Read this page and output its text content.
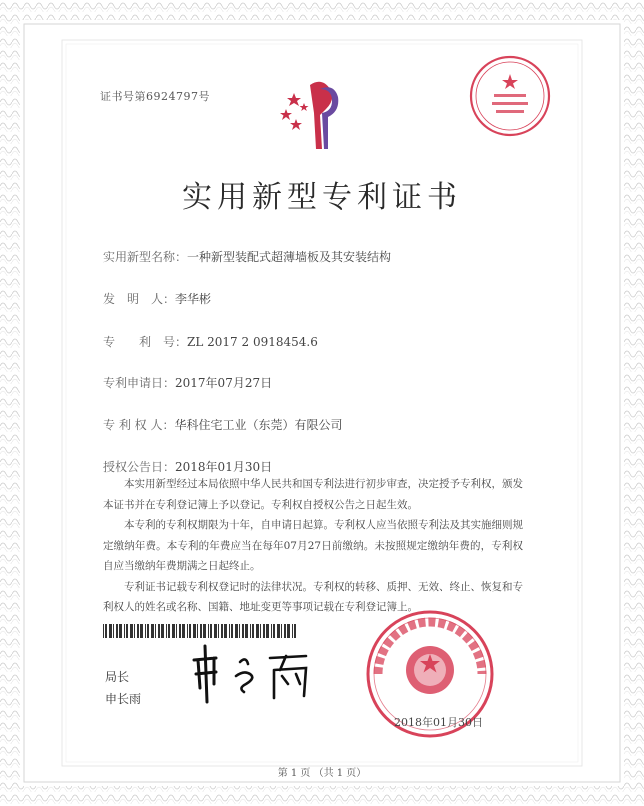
证书号第6924797号
实用新型专利证书
实用新型名称：一种新型装配式超薄墙板及其安装结构
发　明　人：李华彬
专　　利　号：ZL 2017 2 0918454.6
专利申请日：2017年07月27日
专 利 权 人：华科住宅工业（东莞）有限公司
授权公告日：2018年01月30日

本实用新型经过本局依照中华人民共和国专利法进行初步审查，决定授予专利权，颁发本证书并在专利登记簿上予以登记。专利权自授权公告之日起生效。

本专利的专利权期限为十年，自申请日起算。专利权人应当依照专利法及其实施细则规定缴纳年费。本专利的年费应当在每年07月27日前缴纳。未按照规定缴纳年费的，专利权自应当缴纳年费期满之日起终止。

专利证书记载专利权登记时的法律状况。专利权的转移、质押、无效、终止、恢复和专利权人的姓名或名称、国籍、地址变更等事项记载在专利登记簿上。

局长
申长雨
2018年01月30日
第 1 页 （共 1 页）
